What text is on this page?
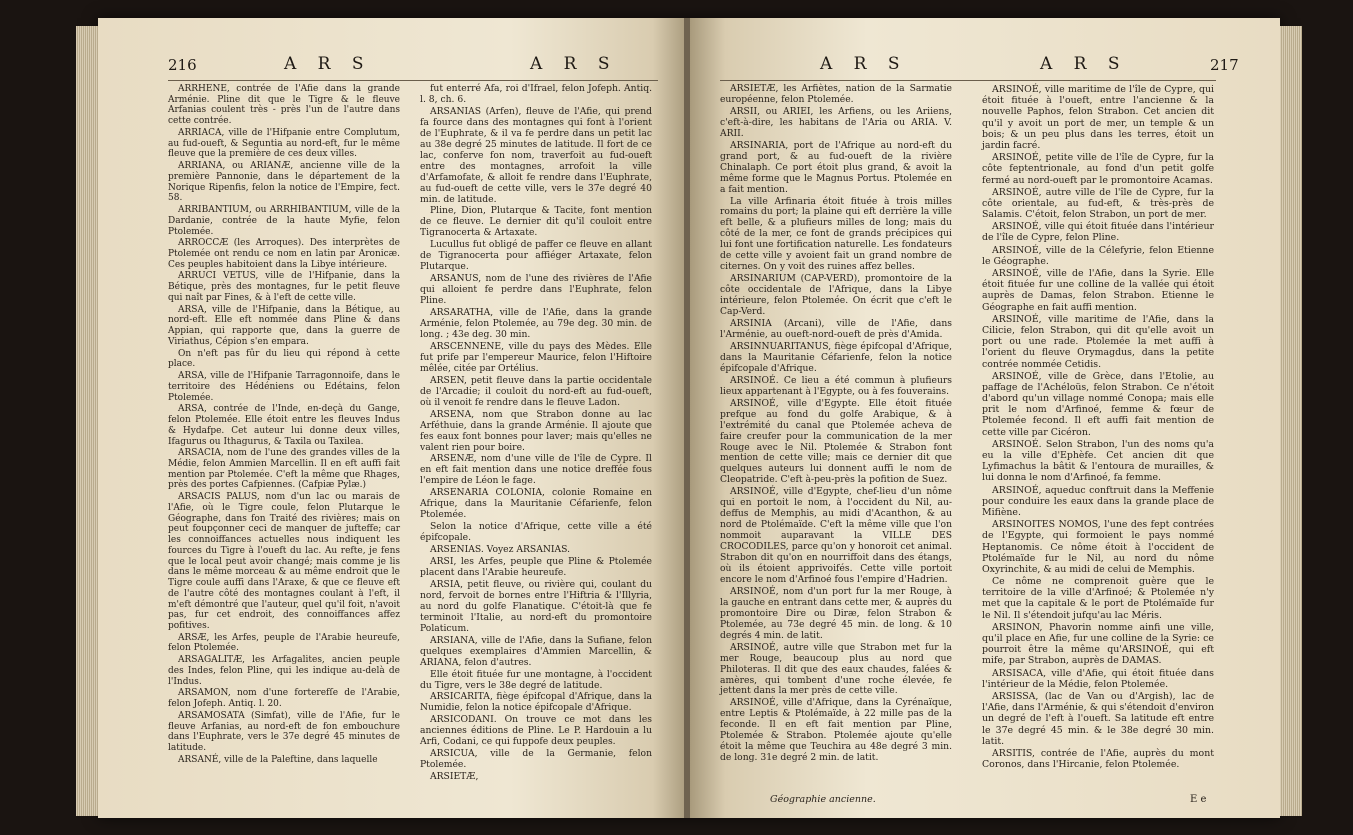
216	A R S	A R S

ARRHENE, contrée de l'Afie dans la grande Arménie. Pline dit que le Tigre & le fleuve Arfanias coulent très - près l'un de l'autre dans cette contrée.

ARRIACA, ville de l'Hifpanie entre Complutum, au fud-oueft, & Seguntia au nord-eft, fur le même fleuve que la première de ces deux villes.

ARRIANA, ou ARIANÆ, ancienne ville de la première Pannonie, dans le département de la Norique Ripenfis, felon la notice de l'Empire, fect. 58.

ARRIBANTIUM, ou ARRHIBANTIUM, ville de la Dardanie, contrée de la haute Myfie, felon Ptolemée.

ARROCCÆ (les Arroques). Des interprètes de Ptolemée ont rendu ce nom en latin par Aronicæ. Ces peuples habitoient dans la Libye intérieure.

ARRUCI VETUS, ville de l'Hifpanie, dans la Bétique, près des montagnes, fur le petit fleuve qui naît par Fines, & à l'eft de cette ville.

ARSA, ville de l'Hifpanie, dans la Bétique, au nord-eft. Elle eft nommée dans Pline & dans Appian, qui rapporte que, dans la guerre de Viriathus, Cépion s'en empara.

On n'eft pas fûr du lieu qui répond à cette place.

ARSA, ville de l'Hifpanie Tarragonnoife, dans le territoire des Hédéniens ou Edétains, felon Ptolemée.

ARSA, contrée de l'Inde, en-deçà du Gange, felon Ptolemée. Elle étoit entre les fleuves Indus & Hydafpe. Cet auteur lui donne deux villes, Ifagurus ou Ithagurus, & Taxila ou Taxilea.

ARSACIA, nom de l'une des grandes villes de la Médie, felon Ammien Marcellin. Il en eft auffi fait mention par Ptolemée. C'eft la même que Rhages, près des portes Cafpiennes. (Cafpiæ Pylæ.)

ARSACIS PALUS, nom d'un lac ou marais de l'Afie, où le Tigre coule, felon Plutarque le Géographe, dans fon Traité des rivières; mais on peut foupçonner ceci de manquer de jufteffe; car les connoiffances actuelles nous indiquent les fources du Tigre à l'oueft du lac. Au refte, je fens que le local peut avoir changé; mais comme je lis dans le même morceau & au même endroit que le Tigre coule auffi dans l'Araxe, & que ce fleuve eft de l'autre côté des montagnes coulant à l'eft, il m'eft démontré que l'auteur, quel qu'il foit, n'avoit pas, fur cet endroit, des connoiffances affez pofitives.

ARSÆ, les Arfes, peuple de l'Arabie heureufe, felon Ptolemée.

ARSAGALITÆ, les Arfagalites, ancien peuple des Indes, felon Pline, qui les indique au-delà de l'Indus.

ARSAMON, nom d'une forterefſe de l'Arabie, felon Jofeph. Antiq. l. 20.

ARSAMOSATA (Simfat), ville de l'Afie, fur le fleuve Arfanias, au nord-eft de fon embouchure dans l'Euphrate, vers le 37e degré 45 minutes de latitude.

ARSANÉ, ville de la Paleftine, dans laquelle

fut enterré Afa, roi d'Ifrael, felon Jofeph. Antiq. l. 8, ch. 6.

ARSANIAS (Arfen), fleuve de l'Afie, qui prend fa fource dans des montagnes qui font à l'orient de l'Euphrate, & il va fe perdre dans un petit lac au 38e degré 25 minutes de latitude. Il fort de ce lac, conferve fon nom, traverfoit au fud-oueft entre des montagnes, arrofoit la ville d'Arfamofate, & alloit fe rendre dans l'Euphrate, au fud-oueft de cette ville, vers le 37e degré 40 min. de latitude.

Pline, Dion, Plutarque & Tacite, font mention de ce fleuve. Le dernier dit qu'il couloit entre Tigranocerta & Artaxate.

Lucullus fut obligé de paffer ce fleuve en allant de Tigranocerta pour affiéger Artaxate, felon Plutarque.

ARSANUS, nom de l'une des rivières de l'Afie qui alloient fe perdre dans l'Euphrate, felon Pline.

ARSARATHA, ville de l'Afie, dans la grande Arménie, felon Ptolemée, au 79e deg. 30 min. de long. ; 43e deg. 30 min.

ARSCENNENE, ville du pays des Mèdes. Elle fut prife par l'empereur Maurice, felon l'Hiftoire mêlée, citée par Ortélius.

ARSEN, petit fleuve dans la partie occidentale de l'Arcadie; il couloit du nord-eft au fud-oueft, où il venoit fe rendre dans le fleuve Ladon.

ARSENA, nom que Strabon donne au lac Arféthuie, dans la grande Arménie. Il ajoute que fes eaux font bonnes pour laver; mais qu'elles ne valent rien pour boire.

ARSENÆ, nom d'une ville de l'île de Cypre. Il en eft fait mention dans une notice dreffée fous l'empire de Léon le fage.

ARSENARIA COLONIA, colonie Romaine en Afrique, dans la Mauritanie Céfarienfe, felon Ptolemée.

Selon la notice d'Afrique, cette ville a été épifcopale.

ARSENIAS. Voyez ARSANIAS.

ARSI, les Arfes, peuple que Pline & Ptolemée placent dans l'Arabie heureufe.

ARSIA, petit fleuve, ou rivière qui, coulant du nord, fervoit de bornes entre l'Hiftria & l'Illyria, au nord du golfe Flanatique. C'étoit-là que fe terminoit l'Italie, au nord-eft du promontoire Polaticum.

ARSIANA, ville de l'Afie, dans la Sufiane, felon quelques exemplaires d'Ammien Marcellin, & ARIANA, felon d'autres.

Elle étoit fituée fur une montagne, à l'occident du Tigre, vers le 38e degré de latitude.

ARSICARITA, fiège épifcopal d'Afrique, dans la Numidie, felon la notice épifcopale d'Afrique.

ARSICODANI. On trouve ce mot dans les anciennes éditions de Pline. Le P. Hardouin a lu Arfi, Codani, ce qui fuppofe deux peuples.

ARSICUA, ville de la Germanie, felon Ptolemée.

ARSIETÆ,

A R S	A R S	217

ARSIETÆ, les Arfiètes, nation de la Sarmatie européenne, felon Ptolemée.

ARSII, ou ARIEI, les Arfiens, ou les Ariiens, c'eft-à-dire, les habitans de l'Aria ou ARIA. V. ARII.

ARSINARIA, port de l'Afrique au nord-eft du grand port, & au fud-oueft de la rivière Chinalaph. Ce port étoit plus grand, & avoit la même forme que le Magnus Portus. Ptolemée en a fait mention.

La ville Arfinaria étoit fituée à trois milles romains du port; la plaine qui eft derrière la ville eft belle, & a plufieurs milles de long; mais du côté de la mer, ce font de grands précipices qui lui font une fortification naturelle. Les fondateurs de cette ville y avoient fait un grand nombre de citernes. On y voit des ruines affez belles.

ARSINARIUM (CAP-VERD), promontoire de la côte occidentale de l'Afrique, dans la Libye intérieure, felon Ptolemée. On écrit que c'eft le Cap-Verd.

ARSINIA (Arcani), ville de l'Afie, dans l'Arménie, au oueft-nord-oueft de près d'Amida.

ARSINNUARITANUS, fiège épifcopal d'Afrique, dans la Mauritanie Céfarienfe, felon la notice épifcopale d'Afrique.

ARSINOÉ. Ce lieu a été commun à plufieurs lieux appartenant à l'Egypte, ou à fes fouverains.

ARSINOÉ, ville d'Egypte. Elle étoit fituée prefque au fond du golfe Arabique, & à l'extrémité du canal que Ptolemée acheva de faire creufer pour la communication de la mer Rouge avec le Nil. Ptolemée & Strabon font mention de cette ville; mais ce dernier dit que quelques auteurs lui donnent auffi le nom de Cleopatride. C'eft à-peu-près la pofition de Suez.

ARSINOÉ, ville d'Egypte, chef-lieu d'un nôme qui en portoit le nom, à l'occident du Nil, au-deffus de Memphis, au midi d'Acanthon, & au nord de Ptolémaïde. C'eft la même ville que l'on nommoit auparavant la VILLE DES CROCODILES, parce qu'on y honoroit cet animal. Strabon dit qu'on en nourriffoit dans des étangs, où ils étoient apprivoifés. Cette ville portoit encore le nom d'Arfinoé fous l'empire d'Hadrien.

ARSINOÉ, nom d'un port fur la mer Rouge, à la gauche en entrant dans cette mer, & auprès du promontoire Dire ou Diræ, felon Strabon & Ptolemée, au 73e degré 45 min. de long. & 10 degrés 4 min. de latit.

ARSINOÉ, autre ville que Strabon met fur la mer Rouge, beaucoup plus au nord que Philoteras. Il dit que des eaux chaudes, falées & amères, qui tombent d'une roche élevée, fe jettent dans la mer près de cette ville.

ARSINOÉ, ville d'Afrique, dans la Cyrénaïque, entre Leptis & Ptolémaïde, à 22 mille pas de la feconde. Il en eft fait mention par Pline, Ptolemée & Strabon. Ptolemée ajoute qu'elle étoit la même que Teuchira au 48e degré 3 min. de long. 31e degré 2 min. de latit.

ARSINOÉ, ville maritime de l'île de Cypre, qui étoit fituée à l'oueft, entre l'ancienne & la nouvelle Paphos, felon Strabon. Cet ancien dit qu'il y avoit un port de mer, un temple & un bois; & un peu plus dans les terres, étoit un jardin facré.

ARSINOÉ, petite ville de l'île de Cypre, fur la côte feptentrionale, au fond d'un petit golfe fermé au nord-oueft par le promontoire Acamas.

ARSINOÉ, autre ville de l'île de Cypre, fur la côte orientale, au fud-eft, & très-près de Salamis. C'étoit, felon Strabon, un port de mer.

ARSINOÉ, ville qui étoit fituée dans l'intérieur de l'île de Cypre, felon Pline.

ARSINOÉ, ville de la Célefyrie, felon Etienne le Géographe.

ARSINOÉ, ville de l'Afie, dans la Syrie. Elle étoit fituée fur une colline de la vallée qui étoit auprès de Damas, felon Strabon. Etienne le Géographe en fait auffi mention.

ARSINOÉ, ville maritime de l'Afie, dans la Cilicie, felon Strabon, qui dit qu'elle avoit un port ou une rade. Ptolemée la met auffi à l'orient du fleuve Orymagdus, dans la petite contrée nommée Cetidis.

ARSINOÉ, ville de Grèce, dans l'Etolie, au paffage de l'Achéloüs, felon Strabon. Ce n'étoit d'abord qu'un village nommé Conopa; mais elle prit le nom d'Arfinoé, femme & fœur de Ptolemée fecond. Il eft auffi fait mention de cette ville par Cicéron.

ARSINOÉ. Selon Strabon, l'un des noms qu'a eu la ville d'Ephèfe. Cet ancien dit que Lyfimachus la bâtit & l'entoura de murailles, & lui donna le nom d'Arfinoé, fa femme.

ARSINOÉ, aqueduc conftruit dans la Meffenie pour conduire les eaux dans la grande place de Mifiène.

ARSINOITES NOMOS, l'une des fept contrées de l'Egypte, qui formoient le pays nommé Heptanomis. Ce nôme étoit à l'occident de Ptolémaïde fur le Nil, au nord du nôme Oxyrinchite, & au midi de celui de Memphis.

Ce nôme ne comprenoit guère que le territoire de la ville d'Arfinoé; & Ptolemée n'y met que la capitale & le port de Ptolémaïde fur le Nil. Il s'étendoit jufqu'au lac Méris.

ARSINON, Phavorin nomme ainfi une ville, qu'il place en Afie, fur une colline de la Syrie: ce pourroit être la même qu'ARSINOÉ, qui eft mife, par Strabon, auprès de DAMAS.

ARSISACA, ville d'Afie, qui étoit fituée dans l'intérieur de la Médie, felon Ptolemée.

ARSISSA, (lac de Van ou d'Argish), lac de l'Afie, dans l'Arménie, & qui s'étendoit d'environ un degré de l'eft à l'oueft. Sa latitude eft entre le 37e degré 45 min. & le 38e degré 30 min. latit.

ARSITIS, contrée de l'Afie, auprès du mont Coronos, dans l'Hircanie, felon Ptolemée.

Géographie ancienne.	E e
